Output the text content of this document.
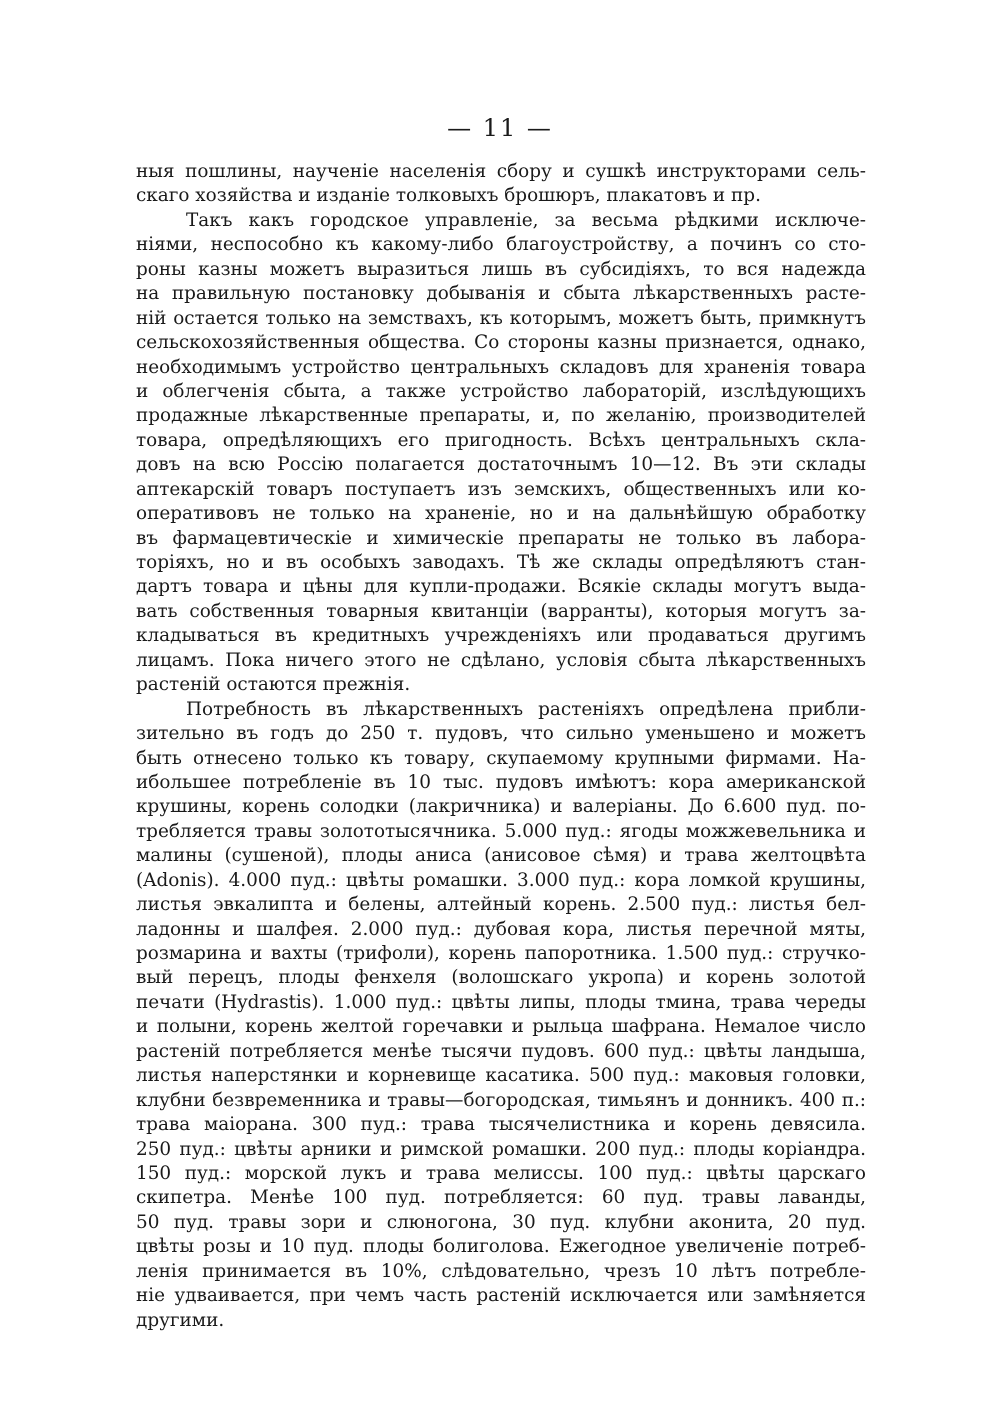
— 11 —
ныя пошлины, наученіе населенія сбору и сушкѣ инструкторами сель-
скаго хозяйства и изданіе толковыхъ брошюръ, плакатовъ и пр.
Такъ какъ городское управленіе, за весьма рѣдкими исключе-
ніями, неспособно къ какому-либо благоустройству, а починъ со сто-
роны казны можетъ выразиться лишь въ субсидіяхъ, то вся надежда
на правильную постановку добыванія и сбыта лѣкарственныхъ расте-
ній остается только на земствахъ, къ которымъ, можетъ быть, примкнутъ
сельскохозяйственныя общества. Со стороны казны признается, однако,
необходимымъ устройство центральныхъ складовъ для храненія товара
и облегченія сбыта, а также устройство лабораторій, изслѣдующихъ
продажные лѣкарственные препараты, и, по желанію, производителей
товара, опредѣляющихъ его пригодность. Всѣхъ центральныхъ скла-
довъ на всю Россію полагается достаточнымъ 10—12. Въ эти склады
аптекарскій товаръ поступаетъ изъ земскихъ, общественныхъ или ко-
оперативовъ не только на храненіе, но и на дальнѣйшую обработку
въ фармацевтическіе и химическіе препараты не только въ лабора-
торіяхъ, но и въ особыхъ заводахъ. Тѣ же склады опредѣляютъ стан-
дартъ товара и цѣны для купли-продажи. Всякіе склады могутъ выда-
вать собственныя товарныя квитанціи (варранты), которыя могутъ за-
кладываться въ кредитныхъ учрежденіяхъ или продаваться другимъ
лицамъ. Пока ничего этого не сдѣлано, условія сбыта лѣкарственныхъ
растеній остаются прежнія.
Потребность въ лѣкарственныхъ растеніяхъ опредѣлена прибли-
зительно въ годъ до 250 т. пудовъ, что сильно уменьшено и можетъ
быть отнесено только къ товару, скупаемому крупными фирмами. На-
ибольшее потребленіе въ 10 тыс. пудовъ имѣютъ: кора американской
крушины, корень солодки (лакричника) и валеріаны. До 6.600 пуд. по-
требляется травы золототысячника. 5.000 пуд.: ягоды можжевельника и
малины (сушеной), плоды аниса (анисовое сѣмя) и трава желтоцвѣта
(Adonis). 4.000 пуд.: цвѣты ромашки. 3.000 пуд.: кора ломкой крушины,
листья эвкалипта и белены, алтейный корень. 2.500 пуд.: листья бел-
ладонны и шалфея. 2.000 пуд.: дубовая кора, листья перечной мяты,
розмарина и вахты (трифоли), корень папоротника. 1.500 пуд.: стручко-
вый перецъ, плоды фенхеля (волошскаго укропа) и корень золотой
печати (Hydrastis). 1.000 пуд.: цвѣты липы, плоды тмина, трава череды
и полыни, корень желтой горечавки и рыльца шафрана. Немалое число
растеній потребляется менѣе тысячи пудовъ. 600 пуд.: цвѣты ландыша,
листья наперстянки и корневище касатика. 500 пуд.: маковыя головки,
клубни безвременника и травы—богородская, тимьянъ и донникъ. 400 п.:
трава маіорана. 300 пуд.: трава тысячелистника и корень девясила.
250 пуд.: цвѣты арники и римской ромашки. 200 пуд.: плоды коріандра.
150 пуд.: морской лукъ и трава мелиссы. 100 пуд.: цвѣты царскаго
скипетра. Менѣе 100 пуд. потребляется: 60 пуд. травы лаванды,
50 пуд. травы зори и слюногона, 30 пуд. клубни аконита, 20 пуд.
цвѣты розы и 10 пуд. плоды болиголова. Ежегодное увеличеніе потреб-
ленія принимается въ 10%, слѣдовательно, чрезъ 10 лѣтъ потребле-
ніе удваивается, при чемъ часть растеній исключается или замѣняется
другими.
